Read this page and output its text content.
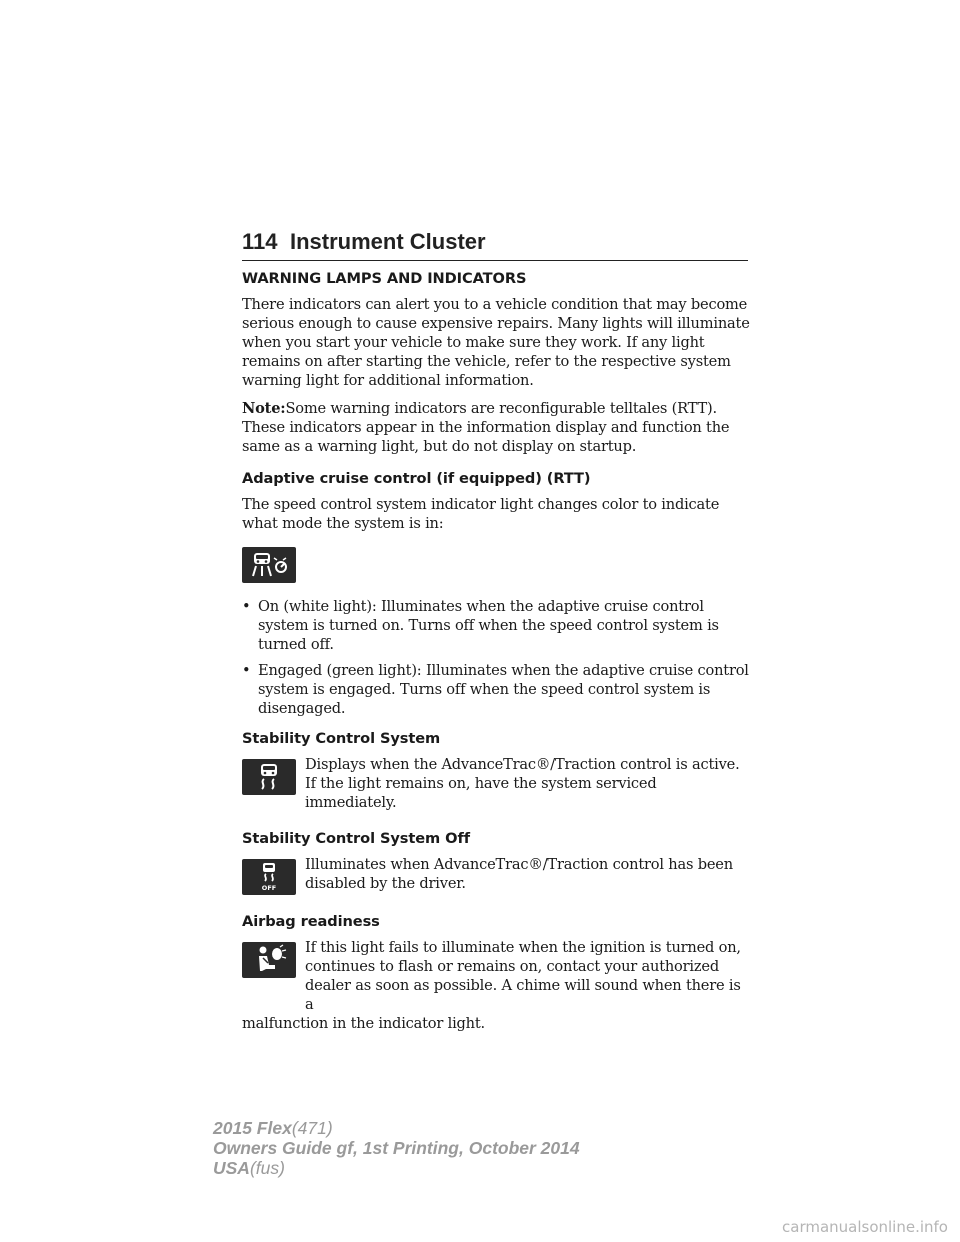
114 Instrument Cluster
WARNING LAMPS AND INDICATORS

There indicators can alert you to a vehicle condition that may become serious enough to cause expensive repairs. Many lights will illuminate when you start your vehicle to make sure they work. If any light remains on after starting the vehicle, refer to the respective system warning light for additional information.

Note:Some warning indicators are reconfigurable telltales (RTT). These indicators appear in the information display and function the same as a warning light, but do not display on startup.

Adaptive cruise control (if equipped) (RTT)

The speed control system indicator light changes color to indicate what mode the system is in:

• On (white light): Illuminates when the adaptive cruise control system is turned on. Turns off when the speed control system is turned off.
• Engaged (green light): Illuminates when the adaptive cruise control system is engaged. Turns off when the speed control system is disengaged.
Stability Control System

Displays when the AdvanceTrac®/Traction control is active. If the light remains on, have the system serviced immediately.

Stability Control System Off
OFF

Illuminates when AdvanceTrac®/Traction control has been disabled by the driver.

Airbag readiness

If this light fails to illuminate when the ignition is turned on, continues to flash or remains on, contact your authorized dealer as soon as possible. A chime will sound when there is a

malfunction in the indicator light.

2015 Flex(471)
Owners Guide gf, 1st Printing, October 2014
USA(fus)
carmanualsonline.info
